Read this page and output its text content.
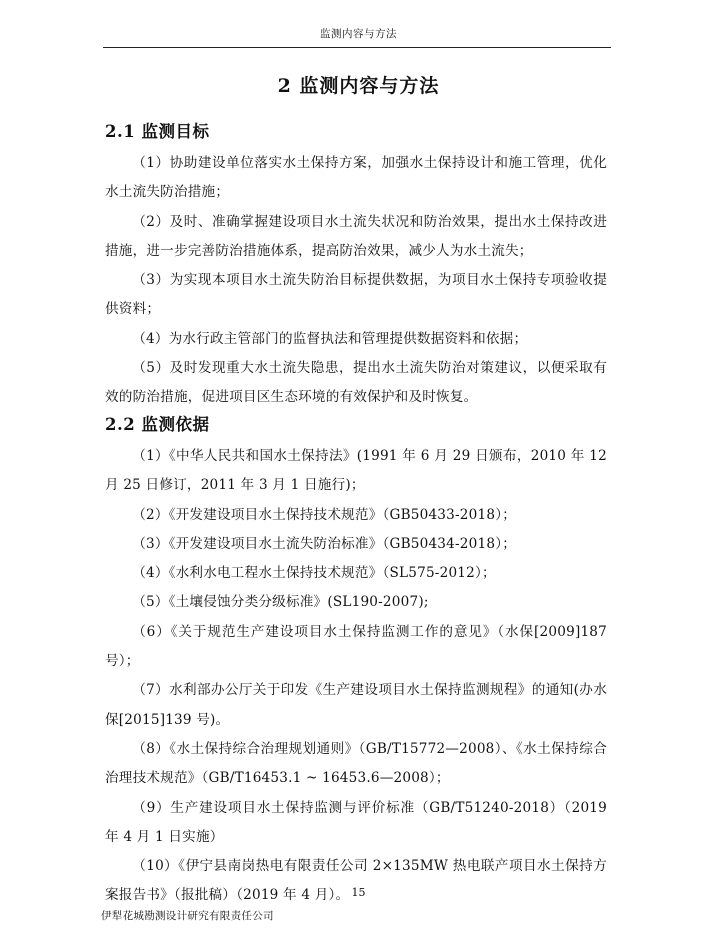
监测内容与方法
2 监测内容与方法
2.1 监测目标

（1）协助建设单位落实水土保持方案，加强水土保持设计和施工管理，优化水土流失防治措施；

（2）及时、准确掌握建设项目水土流失状况和防治效果，提出水土保持改进措施，进一步完善防治措施体系，提高防治效果，减少人为水土流失；

（3）为实现本项目水土流失防治目标提供数据，为项目水土保持专项验收提供资料；

（4）为水行政主管部门的监督执法和管理提供数据资料和依据；

（5）及时发现重大水土流失隐患，提出水土流失防治对策建议，以便采取有效的防治措施，促进项目区生态环境的有效保护和及时恢复。

2.2 监测依据

（1）《中华人民共和国水土保持法》(1991 年 6 月 29 日颁布，2010 年 12 月 25 日修订，2011 年 3 月 1 日施行)；

（2）《开发建设项目水土保持技术规范》（GB50433-2018）；

（3）《开发建设项目水土流失防治标准》（GB50434-2018）；

（4）《水利水电工程水土保持技术规范》（SL575-2012）；

（5）《土壤侵蚀分类分级标准》(SL190-2007);

（6）《关于规范生产建设项目水土保持监测工作的意见》（水保[2009]187 号）；

（7）水利部办公厅关于印发《生产建设项目水土保持监测规程》的通知(办水保[2015]139 号)。

（8）《水土保持综合治理规划通则》（GB/T15772—2008）、《水土保持综合治理技术规范》（GB/T16453.1 ~ 16453.6—2008）；

（9）生产建设项目水土保持监测与评价标准（GB/T51240-2018）（2019 年 4 月 1 日实施）

（10）《伊宁县南岗热电有限责任公司 2×135MW 热电联产项目水土保持方案报告书》（报批稿）（2019 年 4 月）。 15
伊犁花城勘测设计研究有限责任公司
